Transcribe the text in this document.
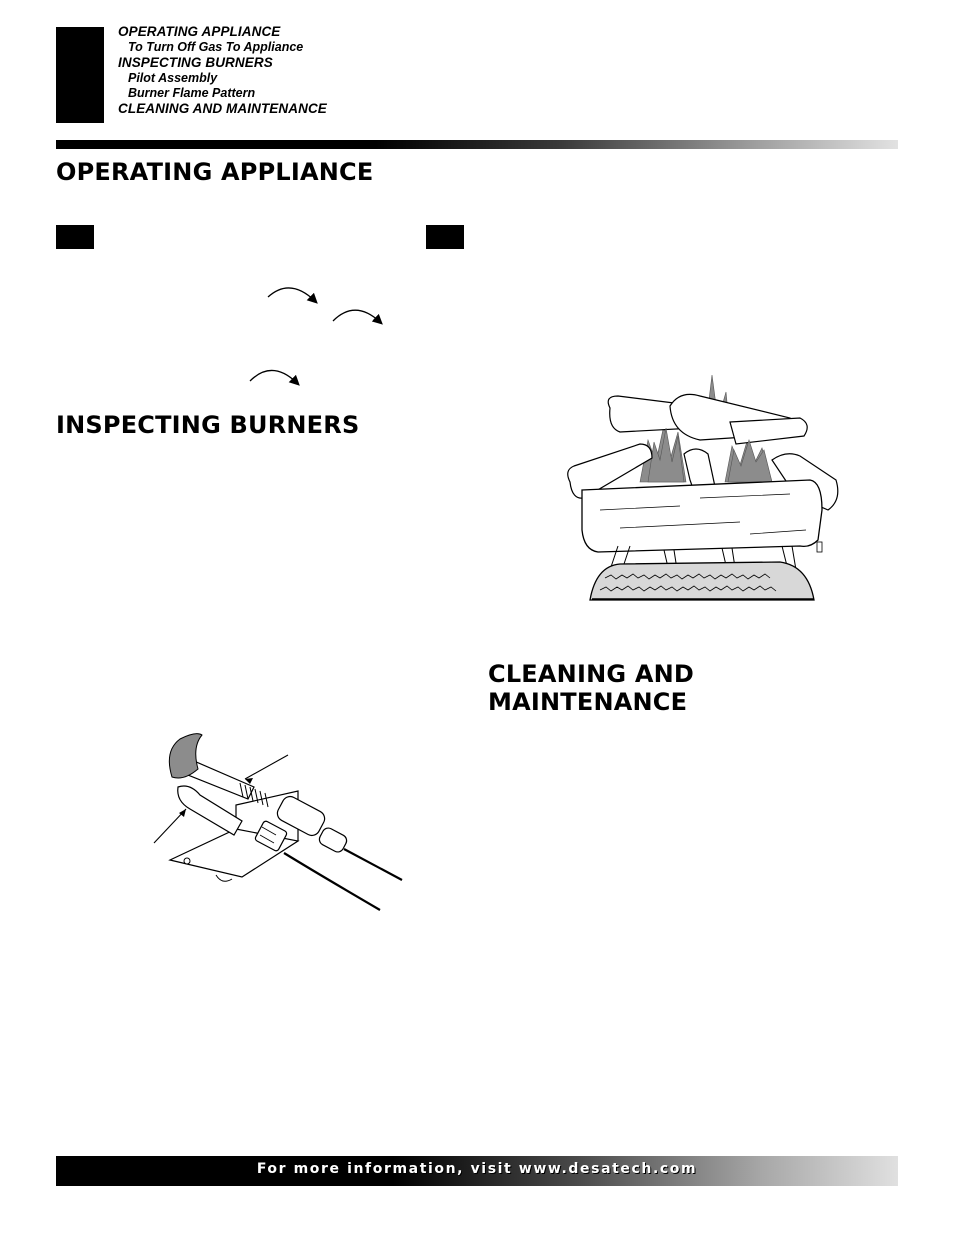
OPERATING APPLIANCE
To Turn Off Gas To Appliance
INSPECTING BURNERS
Pilot Assembly
Burner Flame Pattern
CLEANING AND MAINTENANCE
OPERATING APPLIANCE
INSPECTING BURNERS
CLEANING AND
MAINTENANCE
For more information, visit www.desatech.com
